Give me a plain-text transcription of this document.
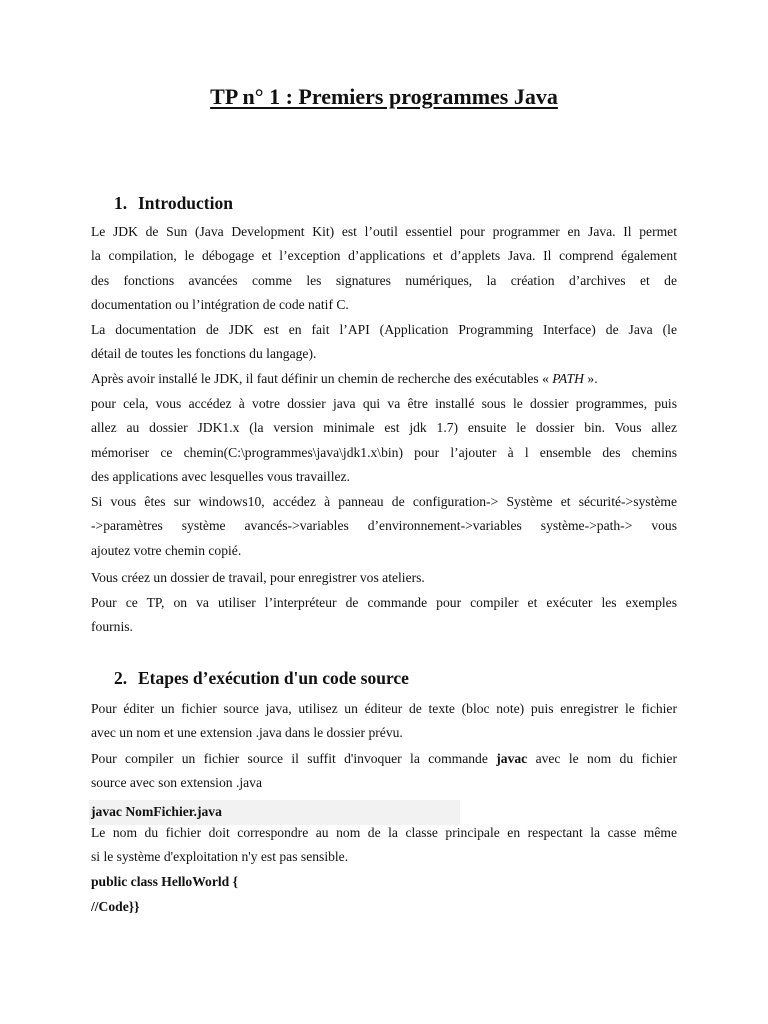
TP n° 1 : Premiers programmes Java
1. Introduction
Le JDK de Sun (Java Development Kit) est l’outil essentiel pour programmer en Java. Il permet
la compilation, le débogage et l’exception d’applications et d’applets Java. Il comprend également
des fonctions avancées comme les signatures numériques, la création d’archives et de
documentation ou l’intégration de code natif C.
La documentation de JDK est en fait l’API (Application Programming Interface) de Java (le
détail de toutes les fonctions du langage).
Après avoir installé le JDK, il faut définir un chemin de recherche des exécutables « PATH ».
pour cela, vous accédez à votre dossier java qui va être installé sous le dossier programmes, puis
allez au dossier JDK1.x (la version minimale est jdk 1.7) ensuite le dossier bin. Vous allez
mémoriser ce chemin(C:\programmes\java\jdk1.x\bin) pour l’ajouter à l ensemble des chemins
des applications avec lesquelles vous travaillez.
Si vous êtes sur windows10, accédez à panneau de configuration-> Système et sécurité->système
->paramètres système avancés->variables d’environnement->variables système->path-> vous
ajoutez votre chemin copié.
Vous créez un dossier de travail, pour enregistrer vos ateliers.
Pour ce TP, on va utiliser l’interpréteur de commande pour compiler et exécuter les exemples
fournis.
2. Etapes d’exécution d'un code source
Pour éditer un fichier source java, utilisez un éditeur de texte (bloc note) puis enregistrer le fichier
avec un nom et une extension .java dans le dossier prévu.
Pour compiler un fichier source il suffit d'invoquer la commande javac avec le nom du fichier
source avec son extension .java
javac NomFichier.java
Le nom du fichier doit correspondre au nom de la classe principale en respectant la casse même
si le système d'exploitation n'y est pas sensible.
public class HelloWorld {
//Code}}
